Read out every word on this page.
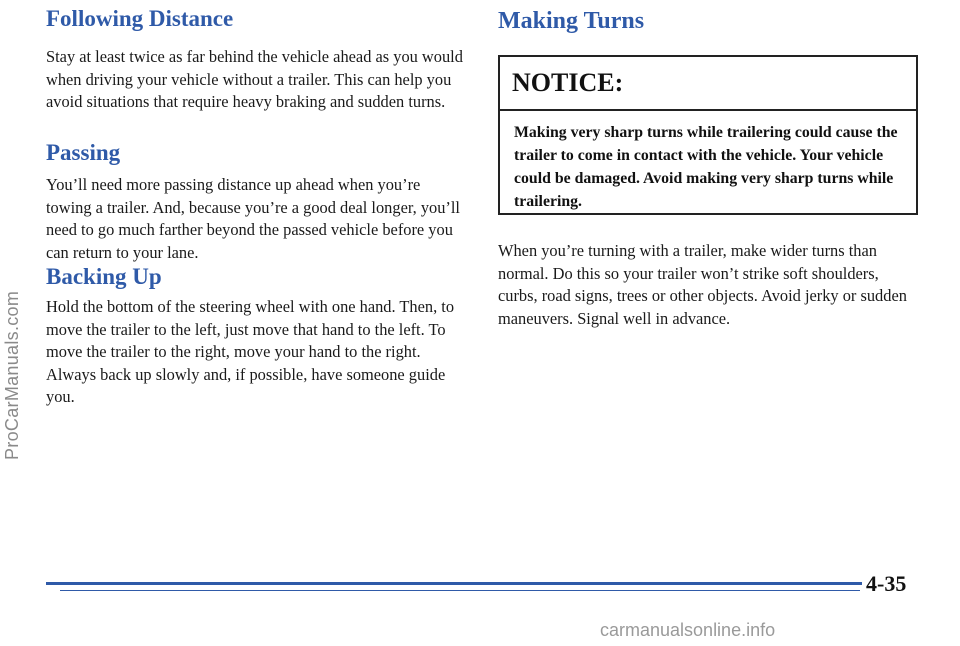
Following Distance

Stay at least twice as far behind the vehicle ahead as you would when driving your vehicle without a trailer. This can help you avoid situations that require heavy braking and sudden turns.

Passing

You’ll need more passing distance up ahead when you’re towing a trailer. And, because you’re a good deal longer, you’ll need to go much farther beyond the passed vehicle before you can return to your lane.

Backing Up

Hold the bottom of the steering wheel with one hand. Then, to move the trailer to the left, just move that hand to the left. To move the trailer to the right, move your hand to the right. Always back up slowly and, if possible, have someone guide you.

Making Turns
NOTICE:
Making very sharp turns while trailering could cause the trailer to come in contact with the vehicle. Your vehicle could be damaged. Avoid making very sharp turns while trailering.

When you’re turning with a trailer, make wider turns than normal. Do this so your trailer won’t strike soft shoulders, curbs, road signs, trees or other objects. Avoid jerky or sudden maneuvers. Signal well in advance.

4-35
ProCarManuals.com
carmanualsonline.info
